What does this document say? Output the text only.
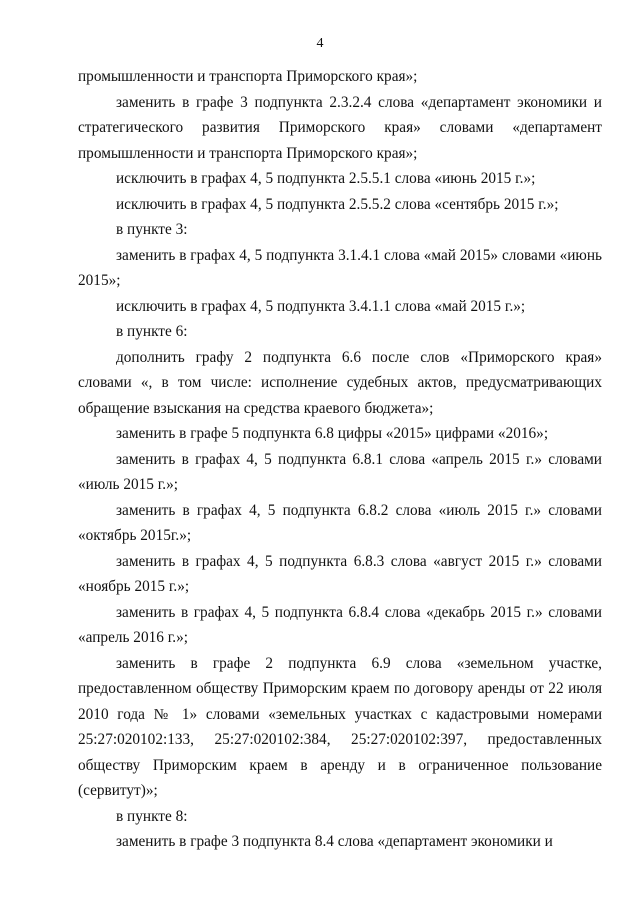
4

промышленности и транспорта Приморского края»;

заменить в графе 3 подпункта 2.3.2.4 слова «департамент экономики и стратегического развития Приморского края» словами «департамент промышленности и транспорта Приморского края»;

исключить в графах 4, 5 подпункта 2.5.5.1 слова «июнь 2015 г.»;

исключить в графах 4, 5 подпункта 2.5.5.2 слова «сентябрь 2015 г.»;

в пункте 3:

заменить в графах 4, 5 подпункта 3.1.4.1 слова «май 2015» словами «июнь 2015»;

исключить в графах 4, 5 подпункта 3.4.1.1 слова «май 2015 г.»;

в пункте 6:

дополнить графу 2 подпункта 6.6 после слов «Приморского края» словами «, в том числе: исполнение судебных актов, предусматривающих обращение взыскания на средства краевого бюджета»;

заменить в графе 5 подпункта 6.8 цифры «2015» цифрами «2016»;

заменить в графах 4, 5 подпункта 6.8.1 слова «апрель 2015 г.» словами «июль 2015 г.»;

заменить в графах 4, 5 подпункта 6.8.2 слова «июль 2015 г.» словами «октябрь 2015г.»;

заменить в графах 4, 5 подпункта 6.8.3 слова «август 2015 г.» словами «ноябрь 2015 г.»;

заменить в графах 4, 5 подпункта 6.8.4 слова «декабрь 2015 г.» словами «апрель 2016 г.»;

заменить в графе 2 подпункта 6.9 слова «земельном участке, предоставленном обществу Приморским краем по договору аренды от 22 июля 2010 года № 1» словами «земельных участках с кадастровыми номерами 25:27:020102:133, 25:27:020102:384, 25:27:020102:397, предоставленных обществу Приморским краем в аренду и в ограниченное пользование (сервитут)»;

в пункте 8:

заменить в графе 3 подпункта 8.4 слова «департамент экономики и
